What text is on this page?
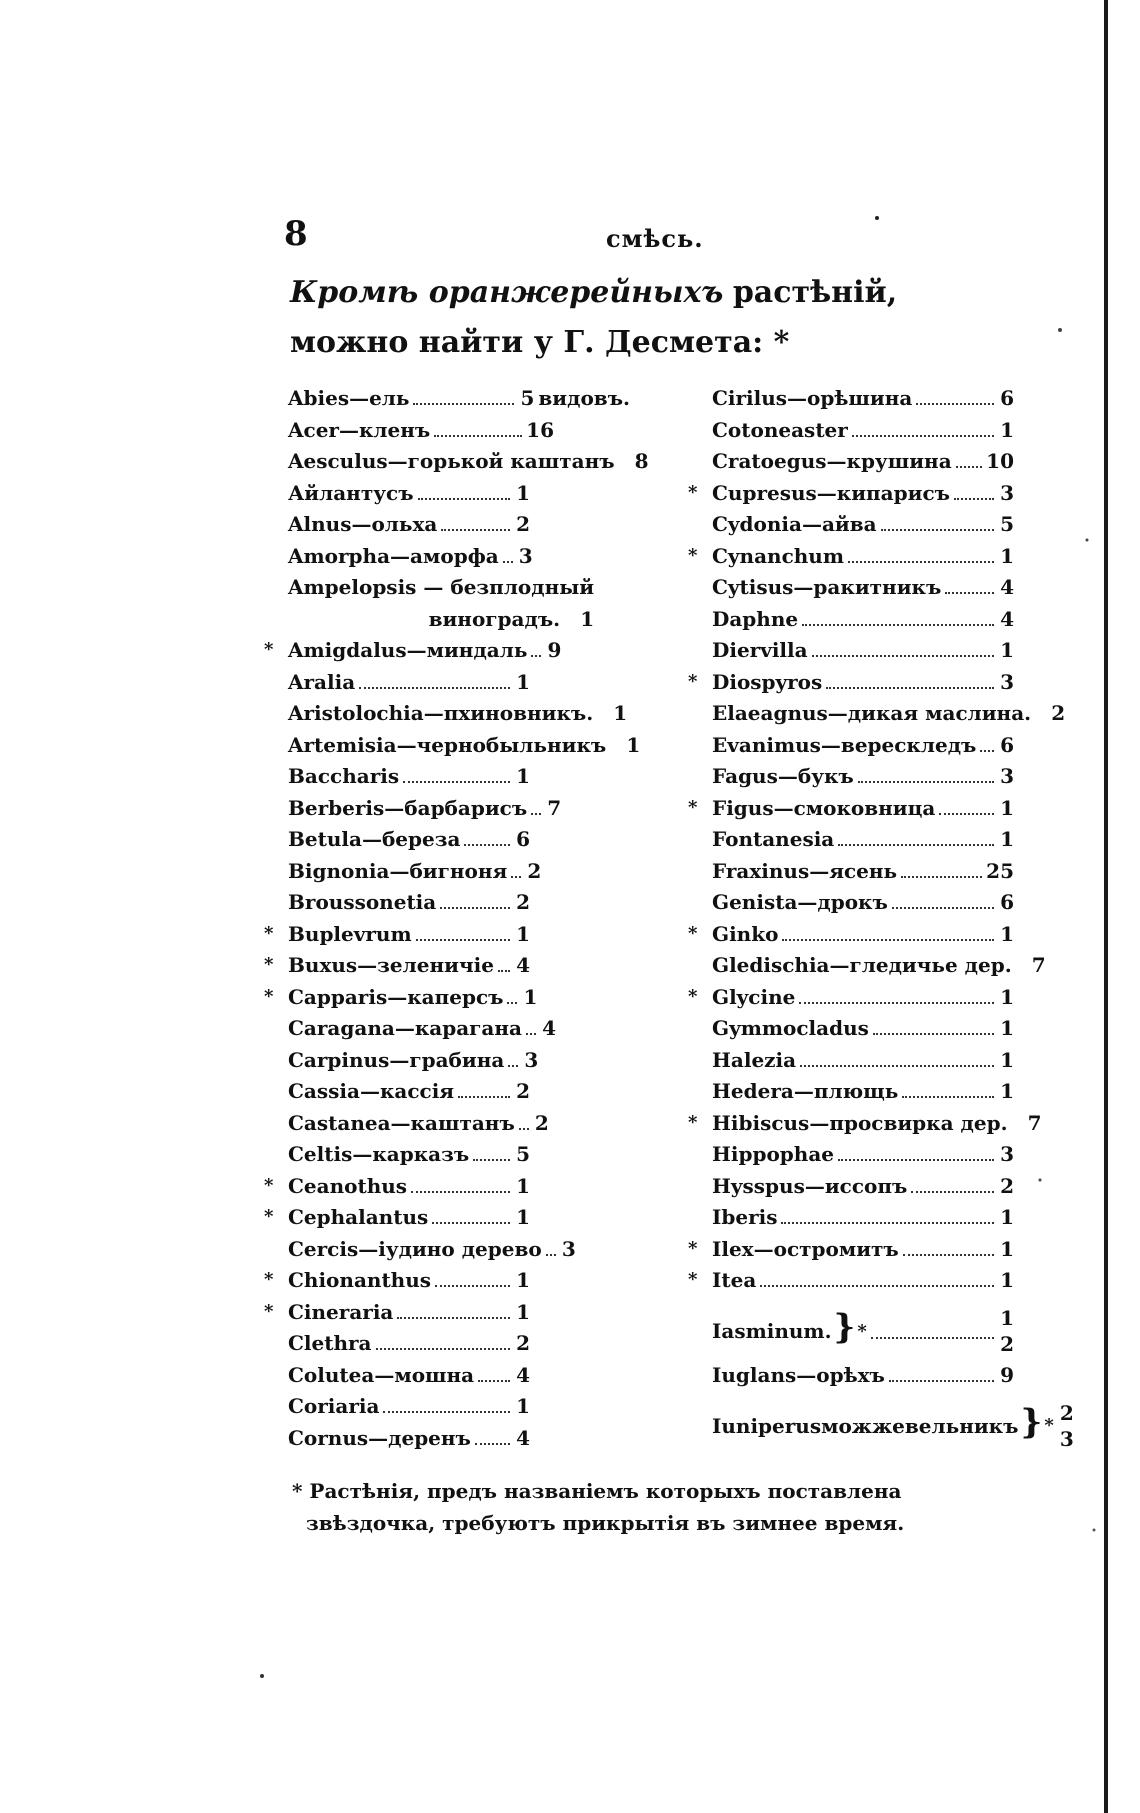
8	смѣсь.
Кромѣ оранжерейныхъ растѣній, можно найти у Г. Десмета: *
Abies—ель	5 видовъ.
Acer—кленъ	16
Aesculus—горькой каштанъ 8
Айлантусъ	1
Alnus—ольха	2
Amorpha—аморфа 3
Ampelopsis — безплодный
виноградъ. 1
* Amigdalus—миндаль 9
Aralia	1
Aristolochia—пхиновникъ. 1
Artemisia—чернобыльникъ 1
Baccharis	1
Berberis—барбарисъ 7
Betula—береза	6
Bignonia—бигноня 2
Broussonetia	2
* Buplevrum	1
* Buxus—зеленичіе 4
* Capparis—каперсъ 1
Caragana—карагана 4
Carpinus—грабина 3
Cassia—кассія	2
Castanea—каштанъ 2
Celtis—карказъ 5
* Ceanothus	1
* Cephalantus	1
Cercis—іудино дерево 3
* Chionanthus	1
* Cineraria	1
Clethra	2
Colutea—мошна 4
Coriaria	1
Cornus—деренъ 4
Cirilus—орѣшина	6
Cotoneaster	1
Cratoegus—крушина 10
* Cupresus—кипарисъ	3
Cydonia—айва	5
* Cynanchum	1
Cytisus—ракитникъ	4
Daphne	4
Diervilla	1
* Diospyros	3
Elaeagnus—дикая маслина. 2
Evanimus—верескледъ 6
Fagus—букъ	3
* Figus—смоковница	1
Fontanesia	1
Fraxinus—ясень	25
Genista—дрокъ	6
* Ginko	1
Gledischia—гледичье дер. 7
* Glycine	1
Gymmocladus	1
Halezia	1
Hedera—плющь	1
* Hibiscus—просвирка дер. 7
Hippophae	3
Hysspus—иссопъ	2
Iberis	1
* Ilex—остромитъ	1
* Itea	1
Iasminum. } *
1
2
Iuglans—орѣхъ	9
Iuniperusможжевельникъ } *
2
3
* Растѣнія, предъ названіемъ которыхъ поставлена звѣздочка, требуютъ прикрытія въ зимнее время.
